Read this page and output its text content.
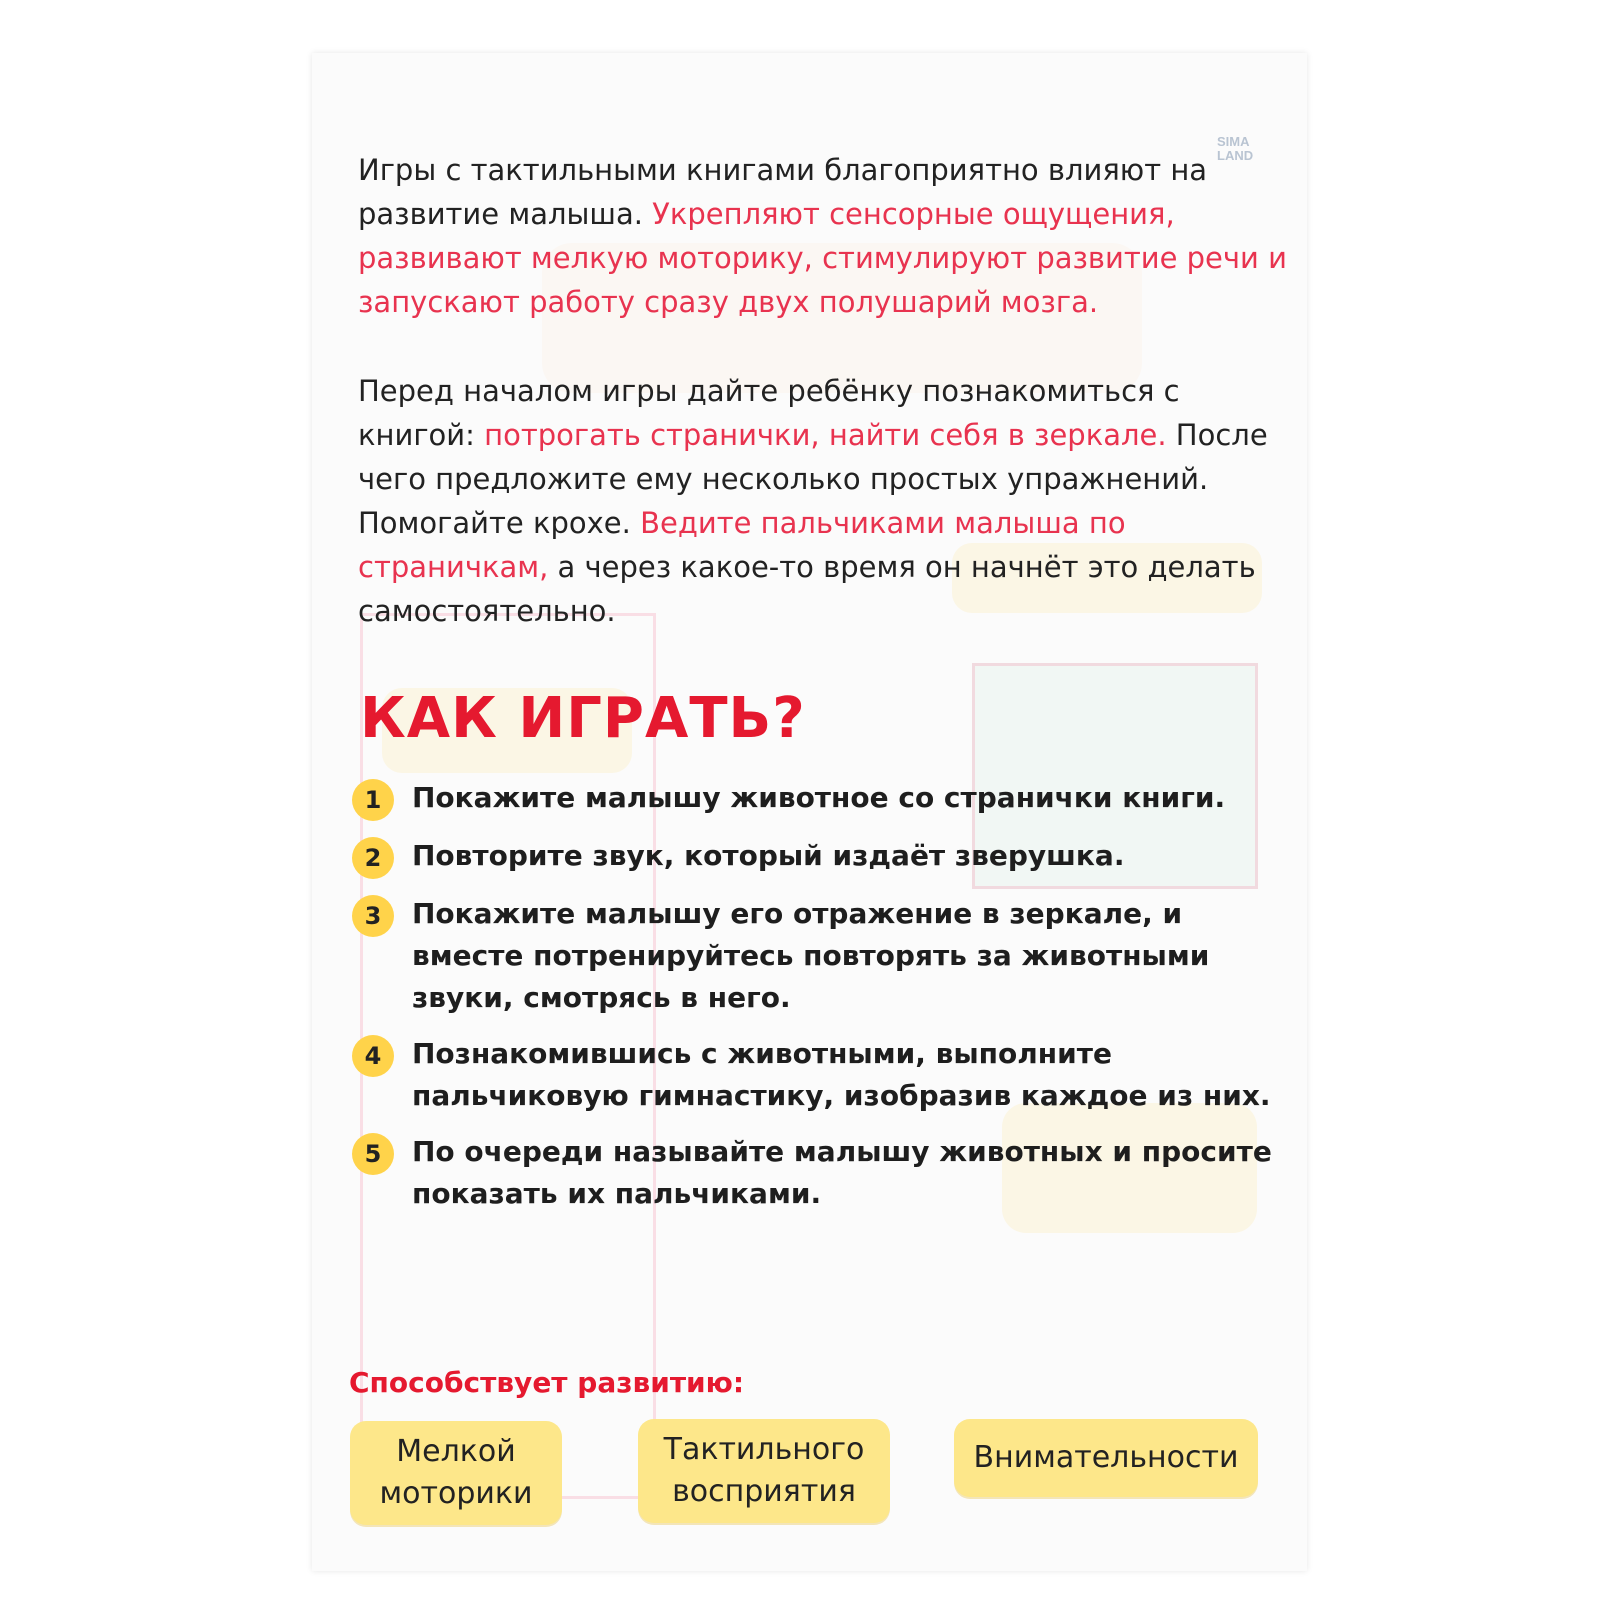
SIMA
LAND

Игры с тактильными книгами благоприятно влияют на развитие малыша. Укрепляют сенсорные ощущения, развивают мелкую моторику, стимулируют развитие речи и запускают работу сразу двух полушарий мозга.

Перед началом игры дайте ребёнку познакомиться с книгой: потрогать странички, найти себя в зеркале. После чего предложите ему несколько простых упражнений. Помогайте крохе. Ведите пальчиками малыша по страничкам, а через какое-то время он начнёт это делать самостоятельно.

КАК ИГРАТЬ?
1	Покажите малышу животное со странички книги.
2	Повторите звук, который издаёт зверушка.
3	Покажите малышу его отражение в зеркале, и вместе потренируйтесь повторять за животными звуки, смотрясь в него.
4	Познакомившись с животными, выполните пальчиковую гимнастику, изобразив каждое из них.
5	По очереди называйте малышу животных и просите показать их пальчиками.
Способствует развитию:
Мелкой
моторики
Тактильного
восприятия
Внимательности
